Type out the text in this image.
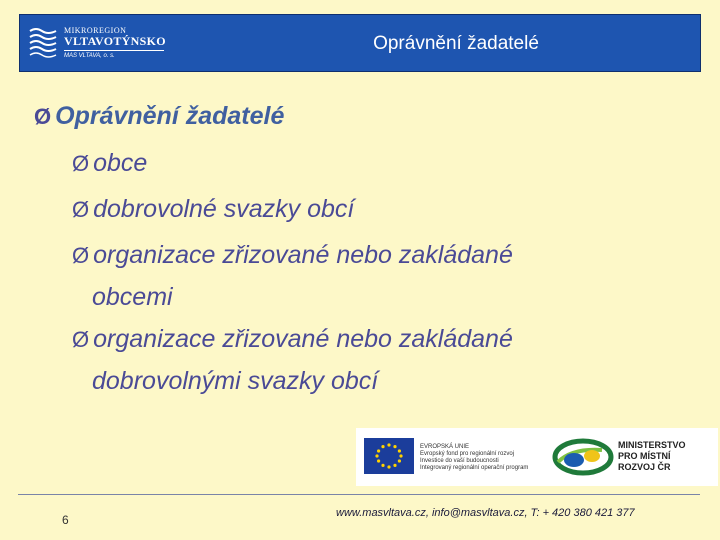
MIKROREGION
VLTAVOTÝNSKO
MAS VLTAVA, o. s.
Oprávnění žadatelé
Ø Oprávnění žadatelé
Ø obce
Ø dobrovolné svazky obcí
Ø organizace zřizované nebo zakládané
obcemi
Ø organizace zřizované nebo zakládané
dobrovolnými svazky obcí
EVROPSKÁ UNIE
Evropský fond pro regionální rozvoj
Investice do vaší budoucnosti
Integrovaný regionální operační program
MINISTERSTVO
PRO MÍSTNÍ
ROZVOJ ČR
6	www.masvltava.cz, info@masvltava.cz, T: + 420 380 421 377
